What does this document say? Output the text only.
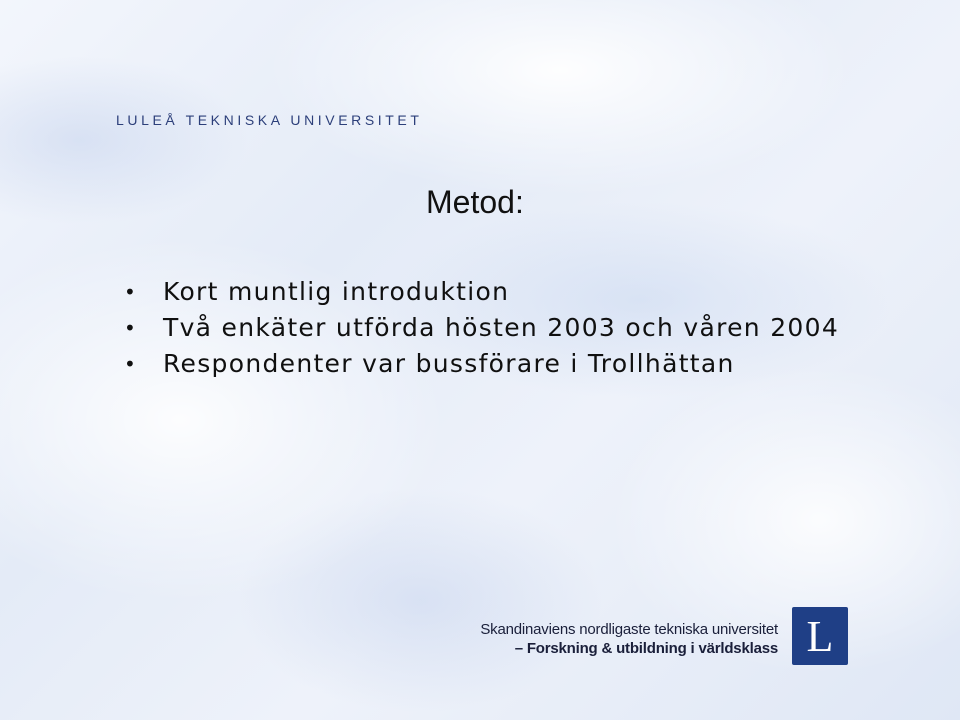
LULEÅ TEKNISKA UNIVERSITET
Metod:
• Kort muntlig introduktion
• Två enkäter utförda hösten 2003 och våren 2004
• Respondenter var bussförare i Trollhättan
Skandinaviens nordligaste tekniska universitet
– Forskning & utbildning i världsklass L
